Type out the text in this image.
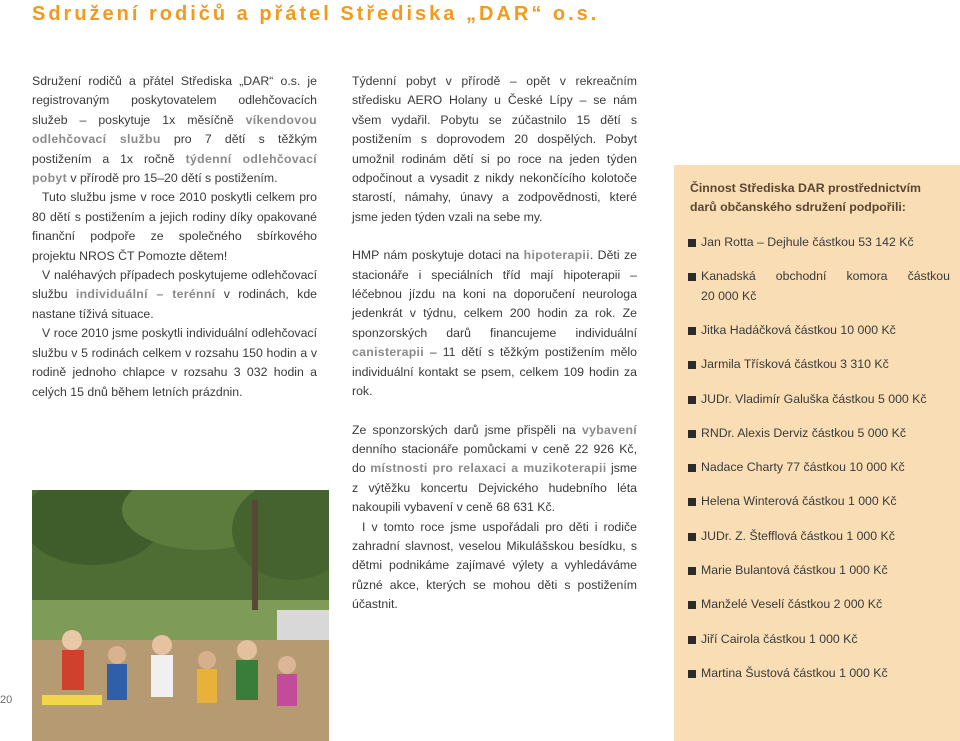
Sdružení rodičů a přátel Střediska „DAR“ o.s.

Sdružení rodičů a přátel Střediska „DAR“ o.s. je registrovaným poskytovatelem odlehčovacích služeb – poskytuje 1x měsíčně víkendovou odlehčovací službu pro 7 dětí s těžkým postižením a 1x ročně týdenní odlehčovací pobyt v přírodě pro 15–20 dětí s postižením.

Tuto službu jsme v roce 2010 poskytli celkem pro 80 dětí s postižením a jejich rodiny díky opakované finanční podpoře ze společného sbírkového projektu NROS ČT Pomozte dětem!

V naléhavých případech poskytujeme odlehčovací službu individuální – terénní v rodinách, kde nastane tíživá situace.

V roce 2010 jsme poskytli individuální odlehčovací službu v 5 rodinách celkem v rozsahu 150 hodin a v rodině jednoho chlapce v rozsahu 3 032 hodin a celých 15 dnů během letních prázdnin.

Týdenní pobyt v přírodě – opět v rekreačním středisku AERO Holany u České Lípy – se nám všem vydařil. Pobytu se zúčastnilo 15 dětí s postižením s doprovodem 20 dospělých. Pobyt umožnil rodinám dětí si po roce na jeden týden odpočinout a vysadit z nikdy nekončícího kolotoče starostí, námahy, únavy a zodpovědnosti, které jsme jeden týden vzali na sebe my.

HMP nám poskytuje dotaci na hipoterapii. Děti ze stacionáře i speciálních tříd mají hipoterapii – léčebnou jízdu na koni na doporučení neurologa jedenkrát v týdnu, celkem 200 hodin za rok. Ze sponzorských darů financujeme individuální canisterapii – 11 dětí s těžkým postižením mělo individuální kontakt se psem, celkem 109 hodin za rok.

Ze sponzorských darů jsme přispěli na vybavení denního stacionáře pomůckami v ceně 22 926 Kč, do místnosti pro relaxaci a muzikoterapii jsme z výtěžku koncertu Dejvického hudebního léta nakoupili vybavení v ceně 68 631 Kč.

I v tomto roce jsme uspořádali pro děti i rodiče zahradní slavnost, veselou Mikulášskou besídku, s dětmi podnikáme zajímavé výlety a vyhledáváme různé akce, kterých se mohou děti s postižením účastnit.

Činnost Střediska DAR prostřednictvím darů občanského sdružení podpořili:
Jan Rotta – Dejhule částkou 53 142 Kč
Kanadská obchodní komora částkou
20 000 Kč
Jitka Hadáčková částkou 10 000 Kč
Jarmila Třísková částkou 3 310 Kč
JUDr. Vladimír Galuška částkou 5 000 Kč
RNDr. Alexis Derviz částkou 5 000 Kč
Nadace Charty 77 částkou 10 000 Kč
Helena Winterová částkou 1 000 Kč
JUDr. Z. Štefflová částkou 1 000 Kč
Marie Bulantová částkou 1 000 Kč
Manželé Veselí částkou 2 000 Kč
Jiří Cairola částkou 1 000 Kč
Martina Šustová částkou 1 000 Kč
20
